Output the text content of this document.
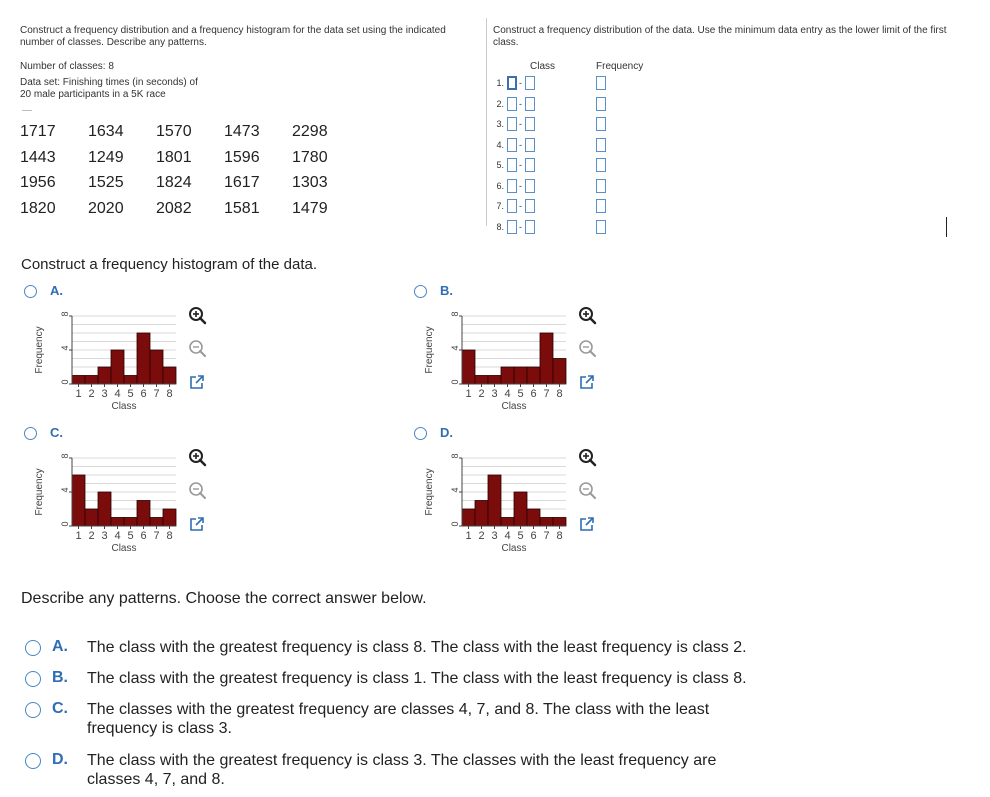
Construct a frequency distribution and a frequency histogram for the data set using the indicated number of classes. Describe any patterns.
Number of classes: 8
Data set: Finishing times (in seconds) of
20 male participants in a 5K race
1717 1634 1570 1473 2298
1443 1249 1801 1596 1780
1956 1525 1824 1617 1303
1820 2020 2082 1581 1479
Construct a frequency distribution of the data. Use the minimum data entry as the lower limit of the first class.
Class	Frequency
1. -
2. -
3. -
4. -
5. -
6. -
7. -
8. -
Construct a frequency histogram of the data.
A.
0
4
8
1 2 3 4 5 6 7 8
Class
Frequency
B.
0
4
8
1 2 3 4 5 6 7 8
Class
Frequency
C.
0
4
8
1 2 3 4 5 6 7 8
Class
Frequency
D.
0
4
8
1 2 3 4 5 6 7 8
Class
Frequency
Describe any patterns. Choose the correct answer below.
A. The class with the greatest frequency is class 8. The class with the least frequency is class 2.
B. The class with the greatest frequency is class 1. The class with the least frequency is class 8.
C. The classes with the greatest frequency are classes 4, 7, and 8. The class with the least
frequency is class 3.
D. The class with the greatest frequency is class 3. The classes with the least frequency are
classes 4, 7, and 8.
